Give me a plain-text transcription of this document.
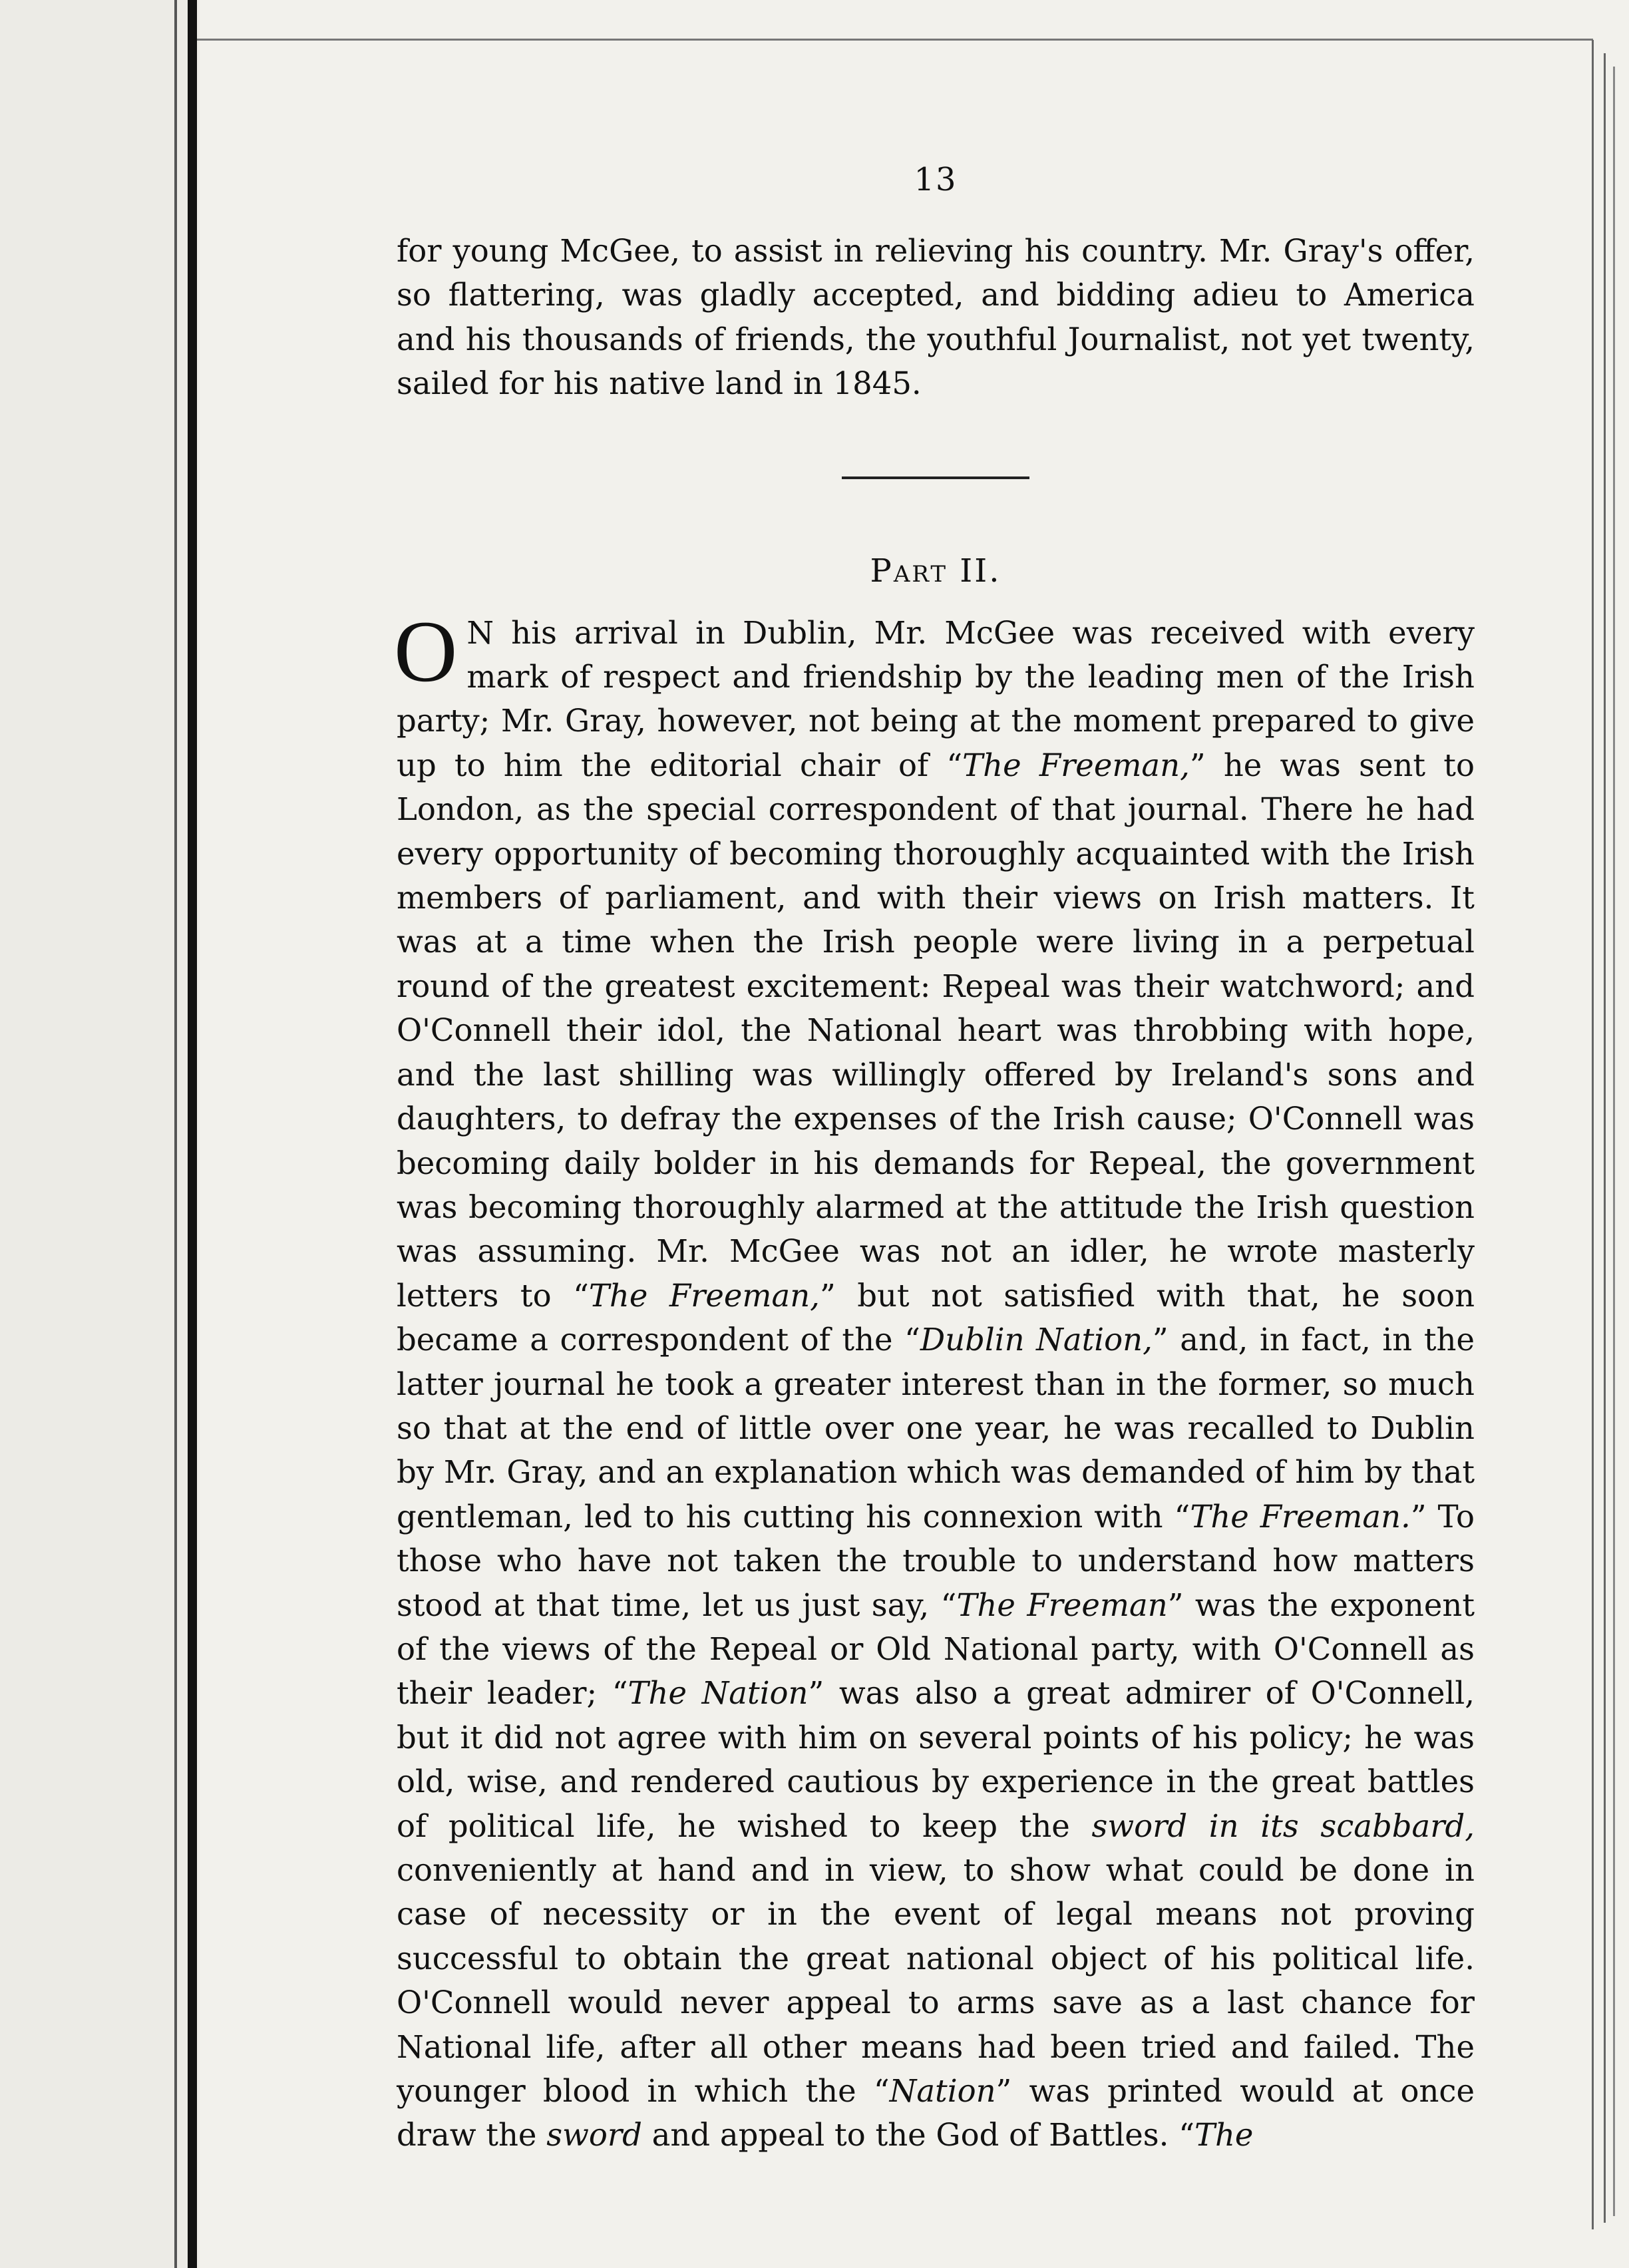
13

for young McGee, to assist in relieving his country. Mr. Gray's offer, so flattering, was gladly accepted, and bidding adieu to America and his thousands of friends, the youthful Journalist, not yet twenty, sailed for his native land in 1845.

Part II.

O N his arrival in Dublin, Mr. McGee was received with every mark of respect and friendship by the leading men of the Irish party; Mr. Gray, however, not being at the moment prepared to give up to him the editorial chair of “The Freeman,” he was sent to London, as the special correspondent of that journal. There he had every opportunity of becoming thoroughly acquainted with the Irish members of parliament, and with their views on Irish matters. It was at a time when the Irish people were living in a perpetual round of the greatest excitement: Repeal was their watchword; and O'Connell their idol, the National heart was throbbing with hope, and the last shilling was willingly offered by Ireland's sons and daughters, to defray the expenses of the Irish cause; O'Connell was becoming daily bolder in his demands for Repeal, the government was becoming thoroughly alarmed at the attitude the Irish question was assuming. Mr. McGee was not an idler, he wrote masterly letters to “The Freeman,” but not satisfied with that, he soon became a correspondent of the “Dublin Nation,” and, in fact, in the latter journal he took a greater interest than in the former, so much so that at the end of little over one year, he was recalled to Dublin by Mr. Gray, and an explanation which was demanded of him by that gentleman, led to his cutting his connexion with “The Freeman.” To those who have not taken the trouble to understand how matters stood at that time, let us just say, “The Freeman” was the exponent of the views of the Repeal or Old National party, with O'Connell as their leader; “The Nation” was also a great admirer of O'Connell, but it did not agree with him on several points of his policy; he was old, wise, and rendered cautious by experience in the great battles of political life, he wished to keep the sword in its scabbard, conveniently at hand and in view, to show what could be done in case of necessity or in the event of legal means not proving successful to obtain the great national object of his political life. O'Connell would never appeal to arms save as a last chance for National life, after all other means had been tried and failed. The younger blood in which the “Nation” was printed would at once draw the sword and appeal to the God of Battles. “The
